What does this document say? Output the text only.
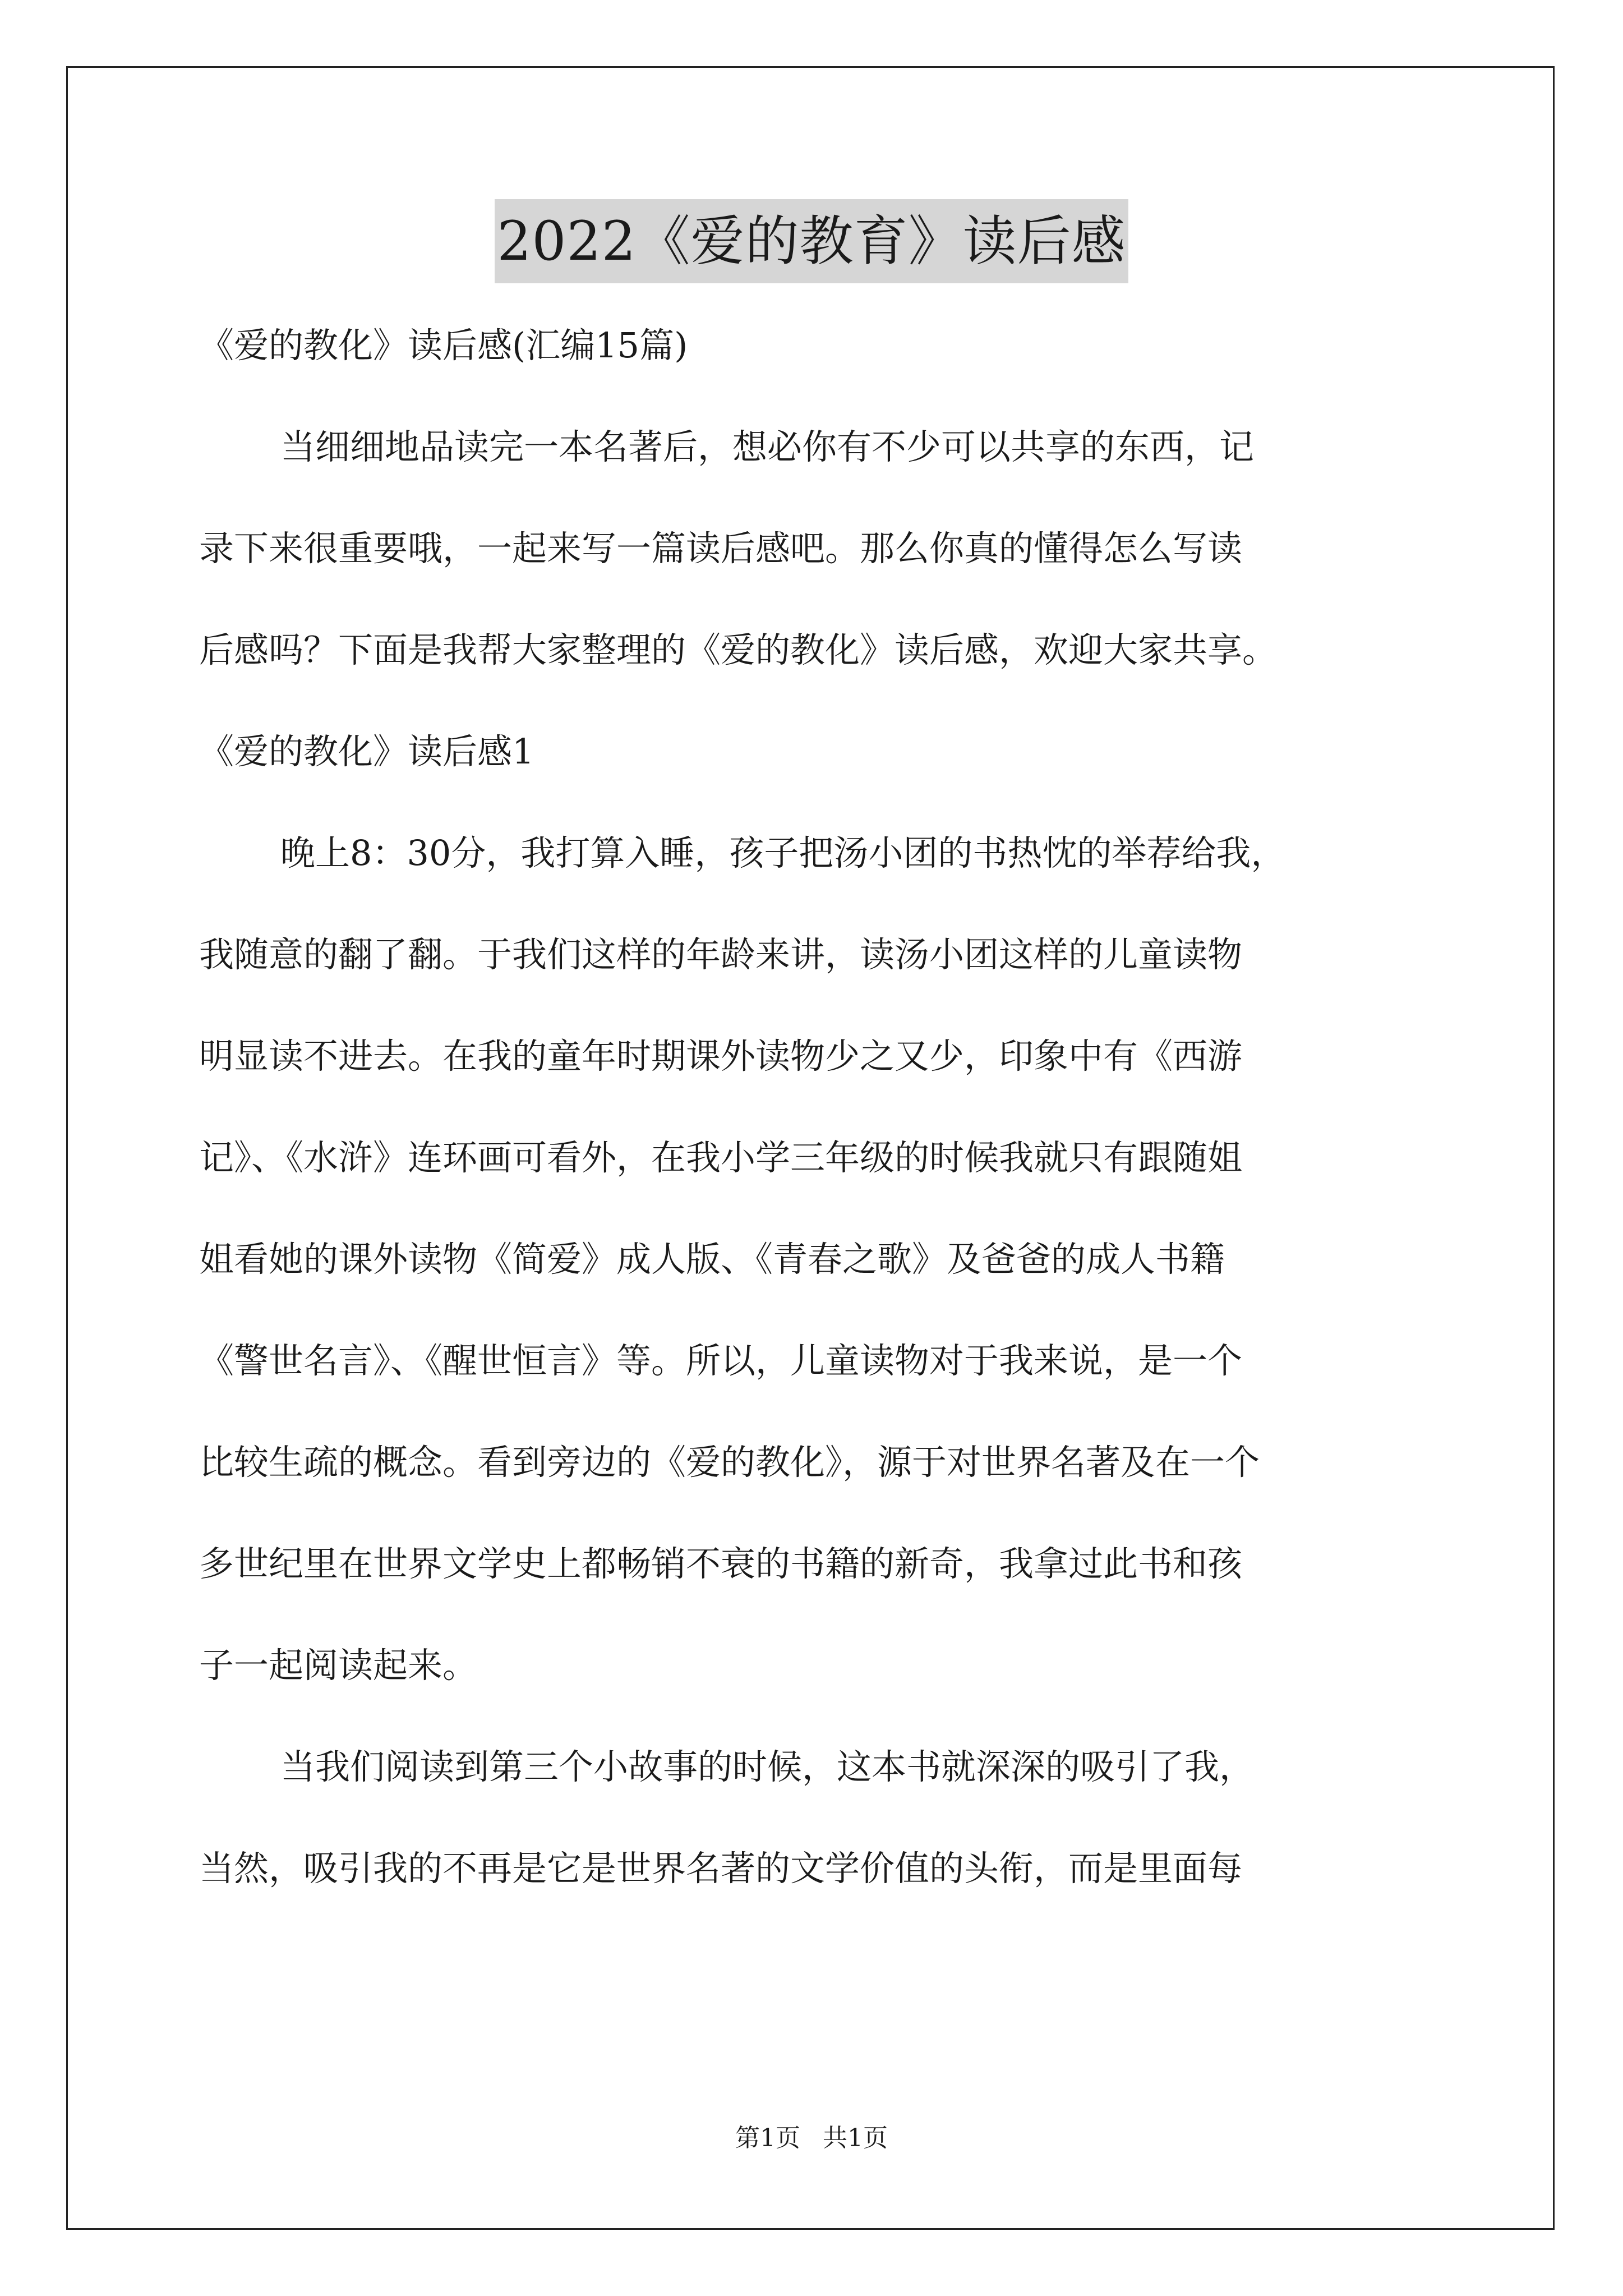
2022《爱的教育》读后感

《爱的教化》读后感(汇编15篇)

当细细地品读完一本名著后，想必你有不少可以共享的东西，记

录下来很重要哦，一起来写一篇读后感吧。那么你真的懂得怎么写读

后感吗？下面是我帮大家整理的《爱的教化》读后感，欢迎大家共享。

《爱的教化》读后感1

晚上8：30分，我打算入睡，孩子把汤小团的书热忱的举荐给我，

我随意的翻了翻。于我们这样的年龄来讲，读汤小团这样的儿童读物

明显读不进去。在我的童年时期课外读物少之又少，印象中有《西游

记》、《水浒》连环画可看外，在我小学三年级的时候我就只有跟随姐

姐看她的课外读物《简爱》成人版、《青春之歌》及爸爸的成人书籍

《警世名言》、《醒世恒言》等。所以，儿童读物对于我来说，是一个

比较生疏的概念。看到旁边的《爱的教化》，源于对世界名著及在一个

多世纪里在世界文学史上都畅销不衰的书籍的新奇，我拿过此书和孩

子一起阅读起来。

当我们阅读到第三个小故事的时候，这本书就深深的吸引了我，

当然，吸引我的不再是它是世界名著的文学价值的头衔，而是里面每

第1页 共1页
